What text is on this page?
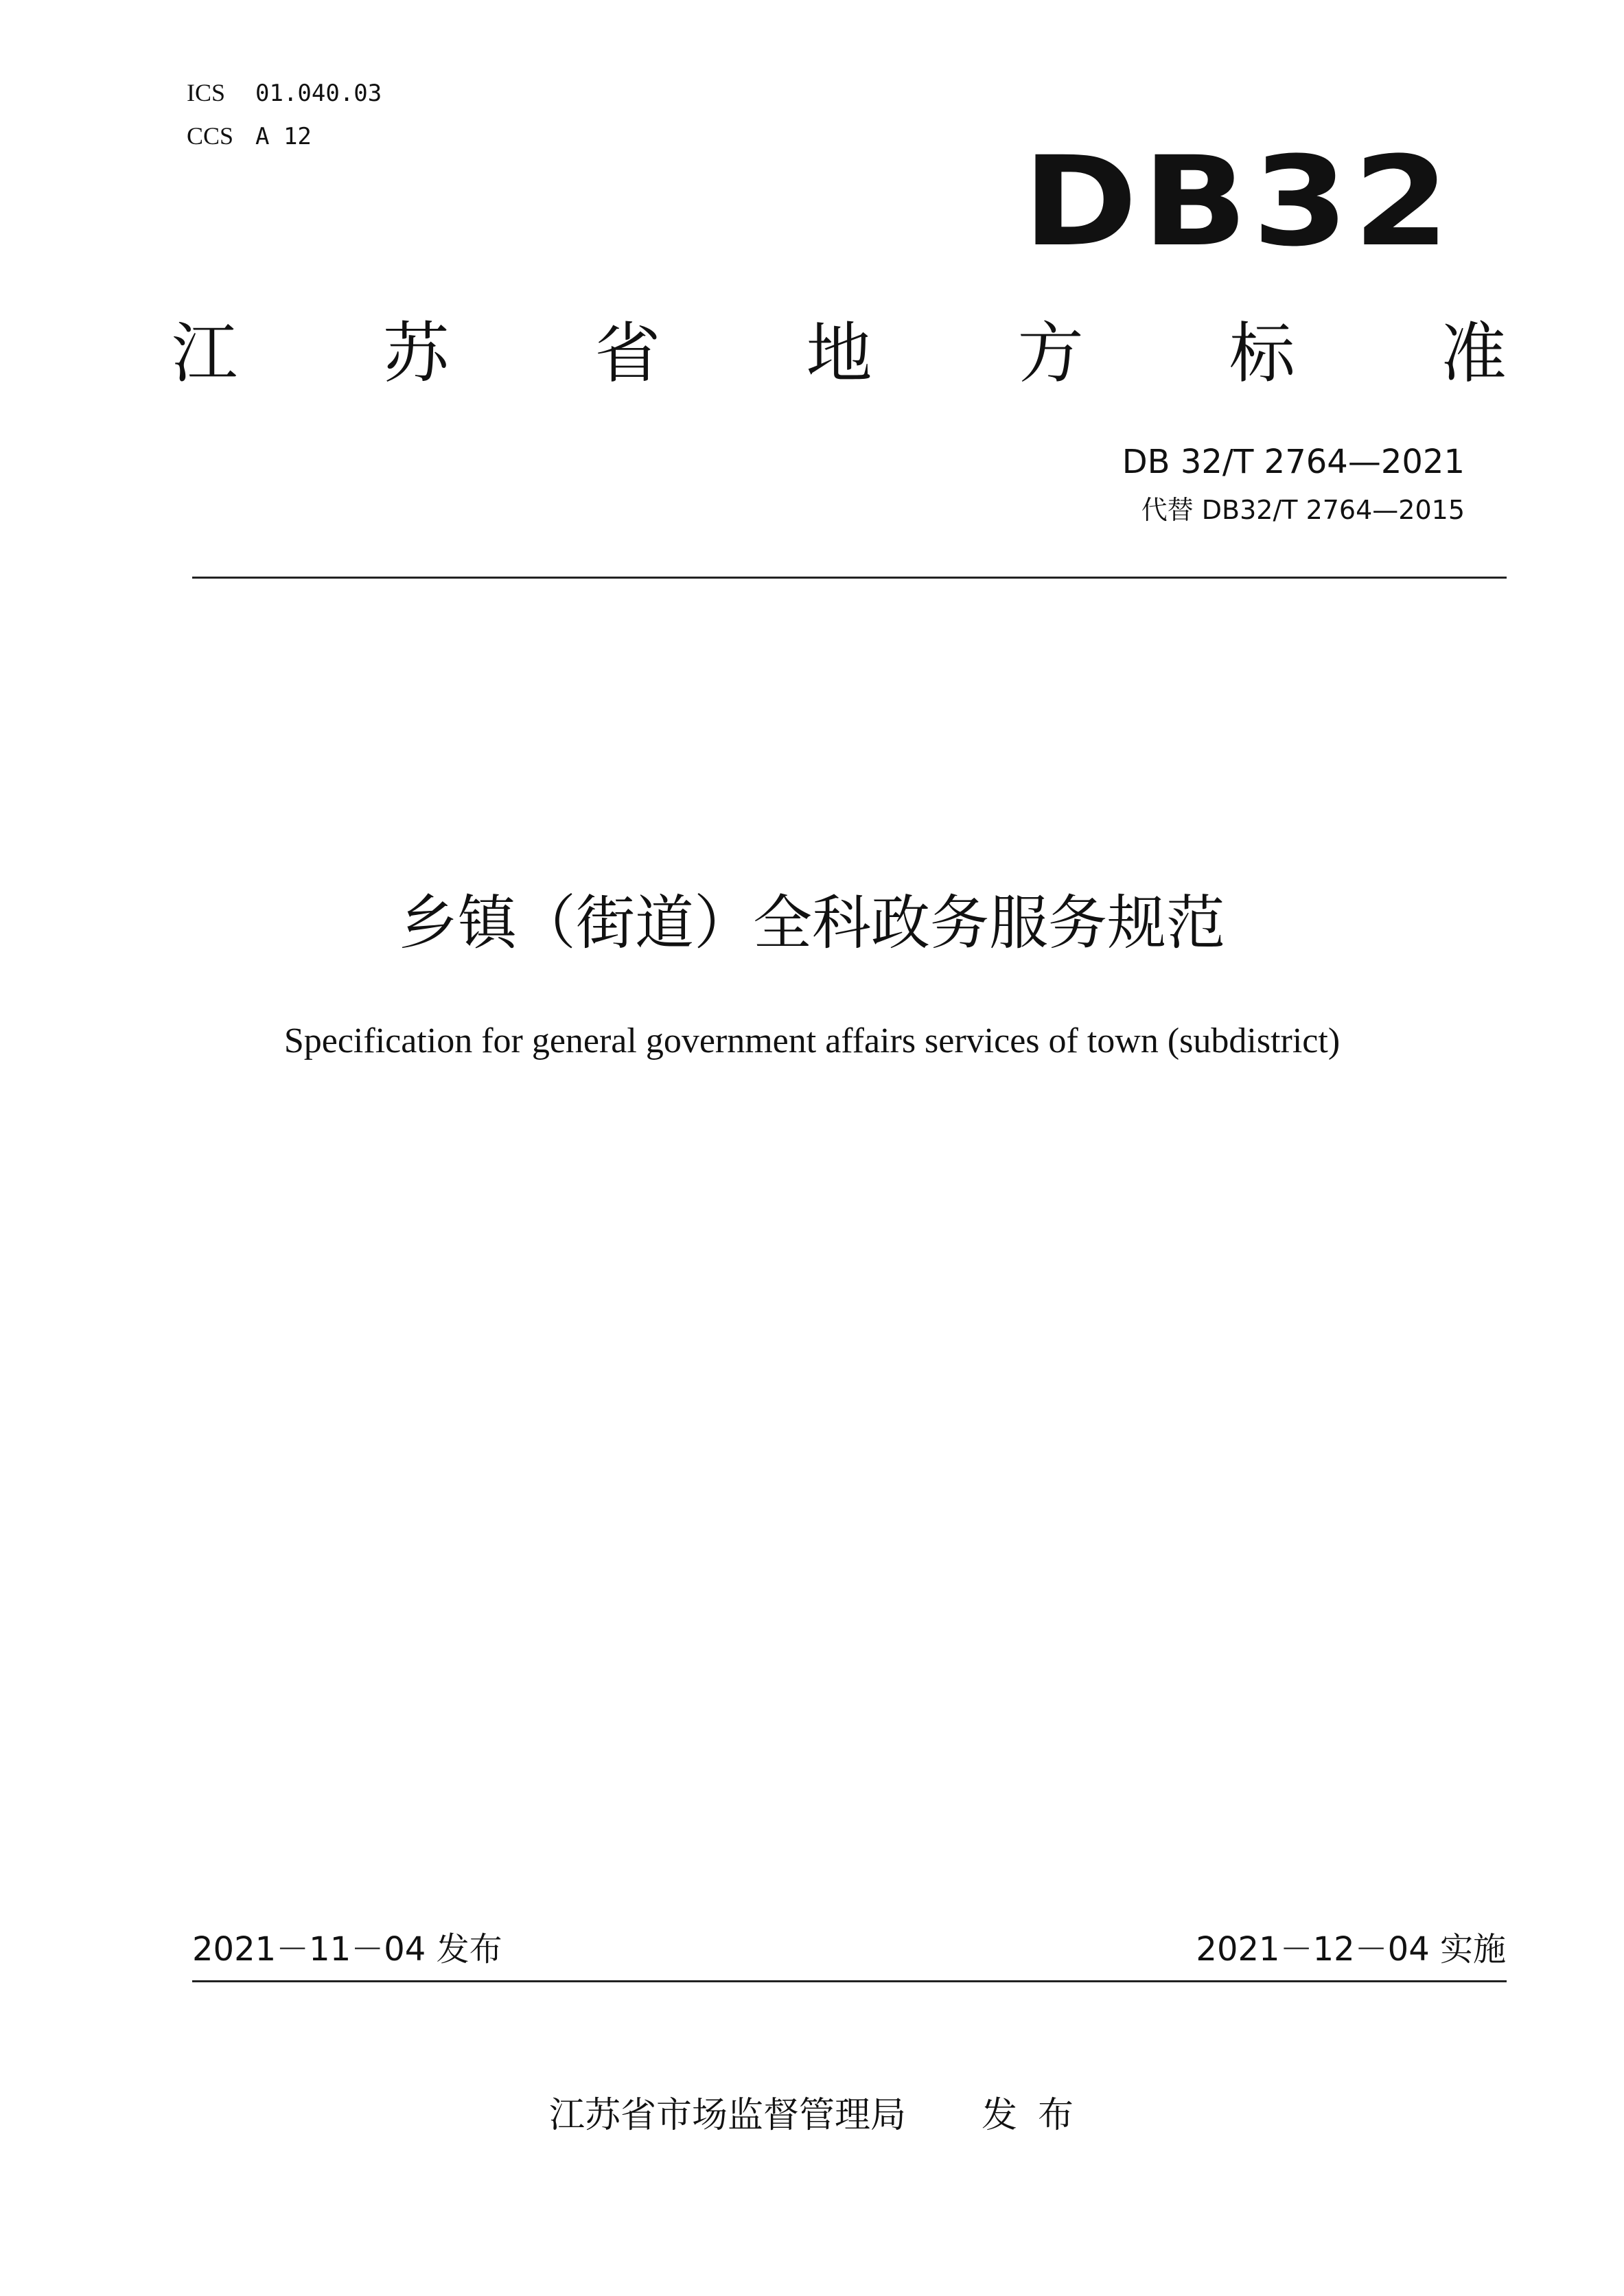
ICS 01.040.03
CCS A 12	DB32
江 苏 省 地 方 标 准
DB 32/T 2764—2021
代替 DB32/T 2764—2015
乡镇（街道）全科政务服务规范
Specification for general government affairs services of town (subdistrict)
2021－11－04 发布	2021－12－04 实施
江苏省市场监督管理局 发布
